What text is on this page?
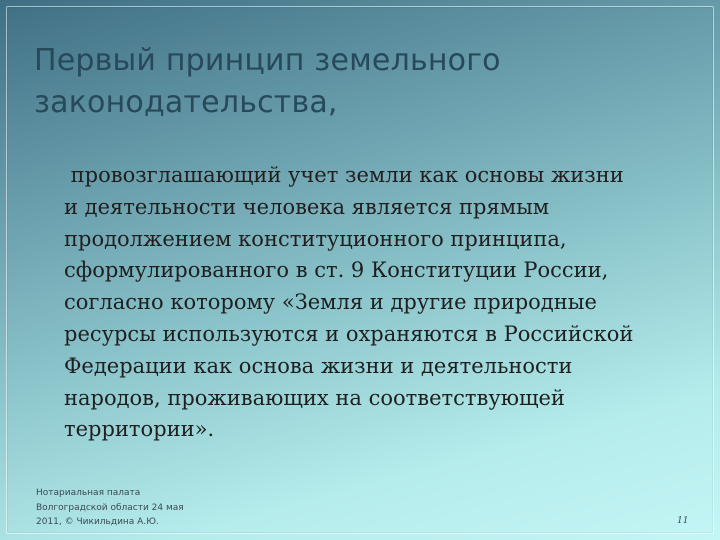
Первый принцип земельного
законодательства,
провозглашающий учет земли как основы жизни
и деятельности человека является прямым
продолжением конституционного принципа,
сформулированного в ст. 9 Конституции России,
согласно которому «Земля и другие природные
ресурсы используются и охраняются в Российской
Федерации как основа жизни и деятельности
народов, проживающих на соответствующей
территории».
Нотариальная палата
Волгоградской области 24 мая
2011, © Чикильдина А.Ю.	11
